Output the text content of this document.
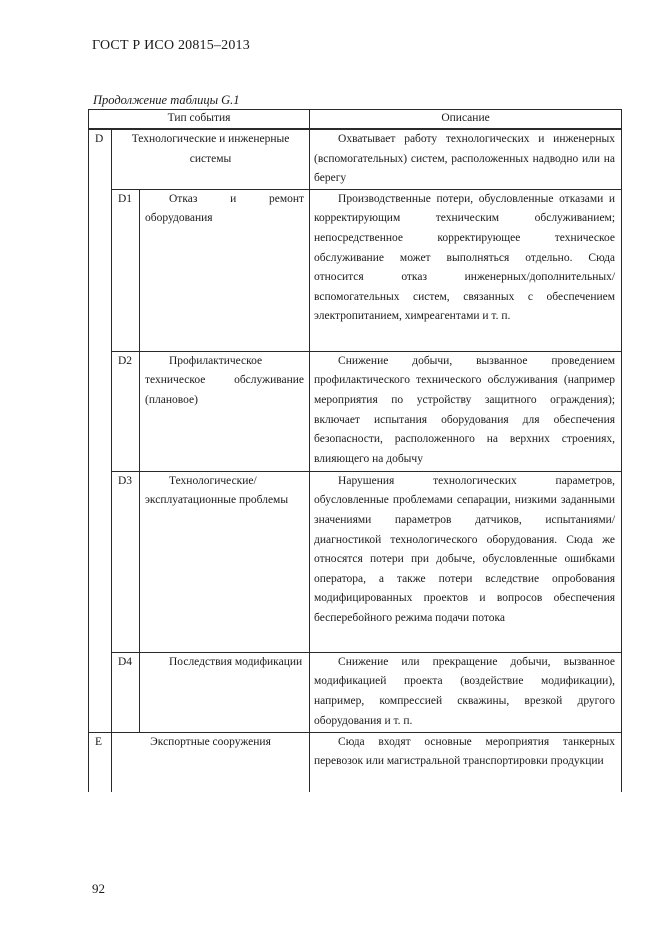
ГОСТ Р ИСО 20815–2013
Продолжение таблицы G.1
Тип события			Описание
D	Технологические и инженерные системы		Охватывает работу технологических и инженерных (вспомогательных) систем, расположенных надводно или на берегу
	D1	Отказ и ремонт оборудования	Производственные потери, обусловленные отказами и корректирующим техническим обслуживанием; непосредственное корректирующее техническое обслуживание может выполняться отдельно. Сюда относится отказ инженерных/дополнительных/вспомогательных систем, связанных с обеспечением электропитанием, химреагентами и т. п.
	D2	Профилактическое техническое обслуживание (плановое)	Снижение добычи, вызванное проведением профилактического технического обслуживания (например мероприятия по устройству защитного ограждения); включает испытания оборудования для обеспечения безопасности, расположенного на верхних строениях, влияющего на добычу
	D3	Технологические/ эксплуатационные проблемы	Нарушения технологических параметров, обусловленные проблемами сепарации, низкими заданными значениями параметров датчиков, испытаниями/диагностикой технологического оборудования. Сюда же относятся потери при добыче, обусловленные ошибками оператора, а также потери вследствие опробования модифицированных проектов и вопросов обеспечения бесперебойного режима подачи потока
	D4	Последствия модификации	Снижение или прекращение добычи, вызванное модификацией проекта (воздействие модификации), например, компрессией скважины, врезкой другого оборудования и т. п.
E	Экспортные сооружения		Сюда входят основные мероприятия танкерных перевозок или магистральной транспортировки продукции
92
